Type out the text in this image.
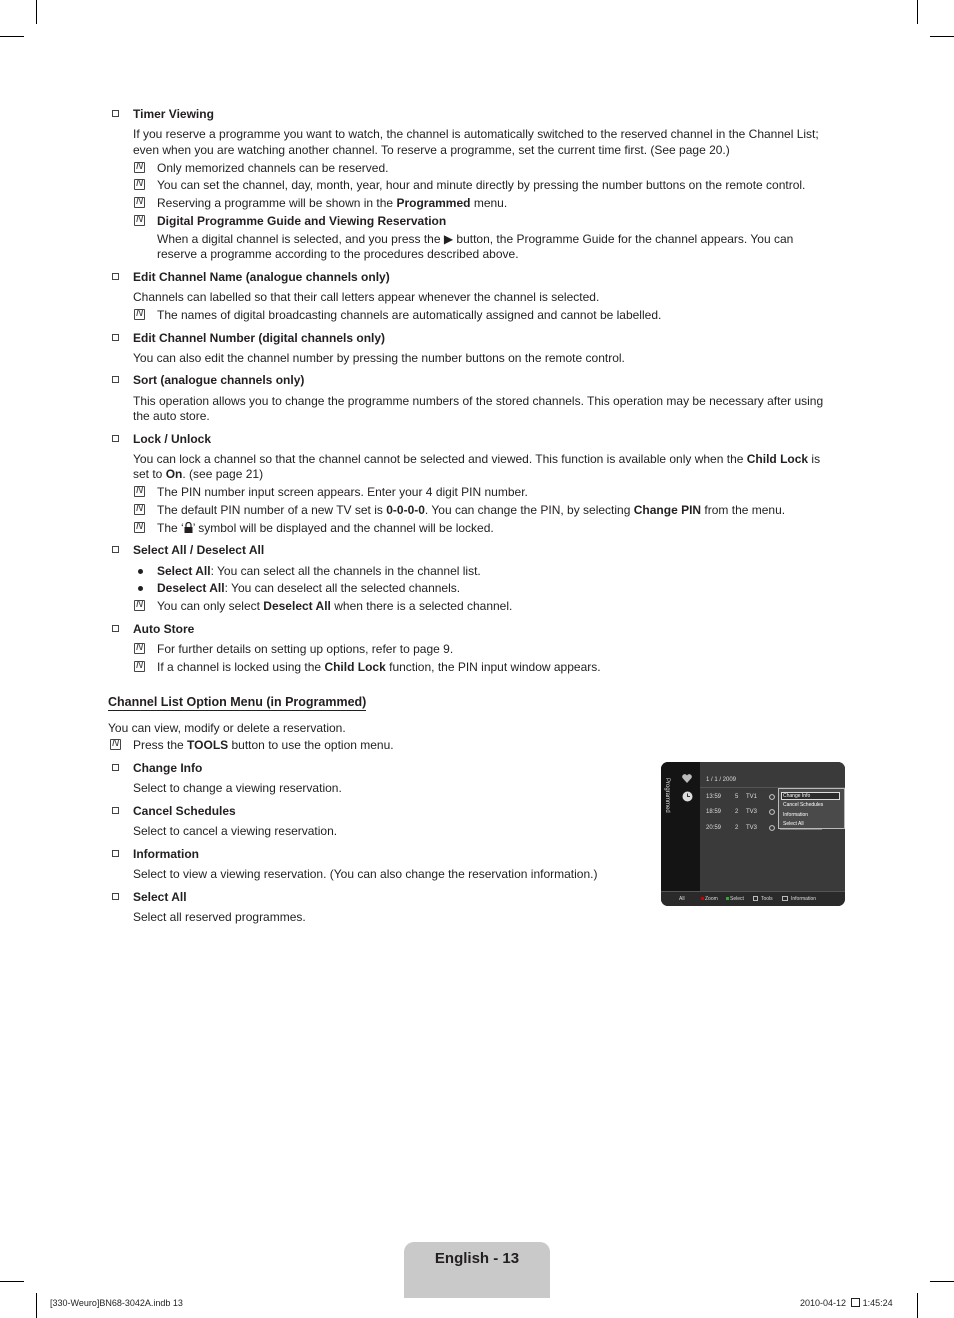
Timer Viewing
If you reserve a programme you want to watch, the channel is automatically switched to the reserved channel in the Channel List;
even when you are watching another channel. To reserve a programme, set the current time first. (See page 20.)
N
Only memorized channels can be reserved.
N
You can set the channel, day, month, year, hour and minute directly by pressing the number buttons on the remote control.
N
Reserving a programme will be shown in the Programmed menu.
N
Digital Programme Guide and Viewing Reservation
When a digital channel is selected, and you press the ▶ button, the Programme Guide for the channel appears. You can
reserve a programme according to the procedures described above.
Edit Channel Name (analogue channels only)
Channels can labelled so that their call letters appear whenever the channel is selected.
N
The names of digital broadcasting channels are automatically assigned and cannot be labelled.
Edit Channel Number (digital channels only)
You can also edit the channel number by pressing the number buttons on the remote control.
Sort (analogue channels only)
This operation allows you to change the programme numbers of the stored channels. This operation may be necessary after using
the auto store.
Lock / Unlock
You can lock a channel so that the channel cannot be selected and viewed. This function is available only when the Child Lock is
set to On. (see page 21)
N
The PIN number input screen appears. Enter your 4 digit PIN number.
N
The default PIN number of a new TV set is 0-0-0-0. You can change the PIN, by selecting Change PIN from the menu.
N
The ‘ ’ symbol will be displayed and the channel will be locked.
Select All / Deselect All
Select All: You can select all the channels in the channel list.
Deselect All: You can deselect all the selected channels.
N
You can only select Deselect All when there is a selected channel.
Auto Store
N
For further details on setting up options, refer to page 9.
N
If a channel is locked using the Child Lock function, the PIN input window appears.
Channel List Option Menu (in Programmed)
You can view, modify or delete a reservation.
N
Press the TOOLS button to use the option menu.
Change Info
Select to change a viewing reservation.
Cancel Schedules
Select to cancel a viewing reservation.
Information
Select to view a viewing reservation. (You can also change the reservation information.)
Select All
Select all reserved programmes.
Programmed	1 / 1 / 2009
13:59 5 TV1
18:59 2 TV3
20:59 2 TV3
Change Info
Cancel Schedules
Information
Select All
All	Zoom Select	Tools	Information
English - 13
[330-Weuro]BN68-3042A.indb 13	2010-04-12 1:45:24
